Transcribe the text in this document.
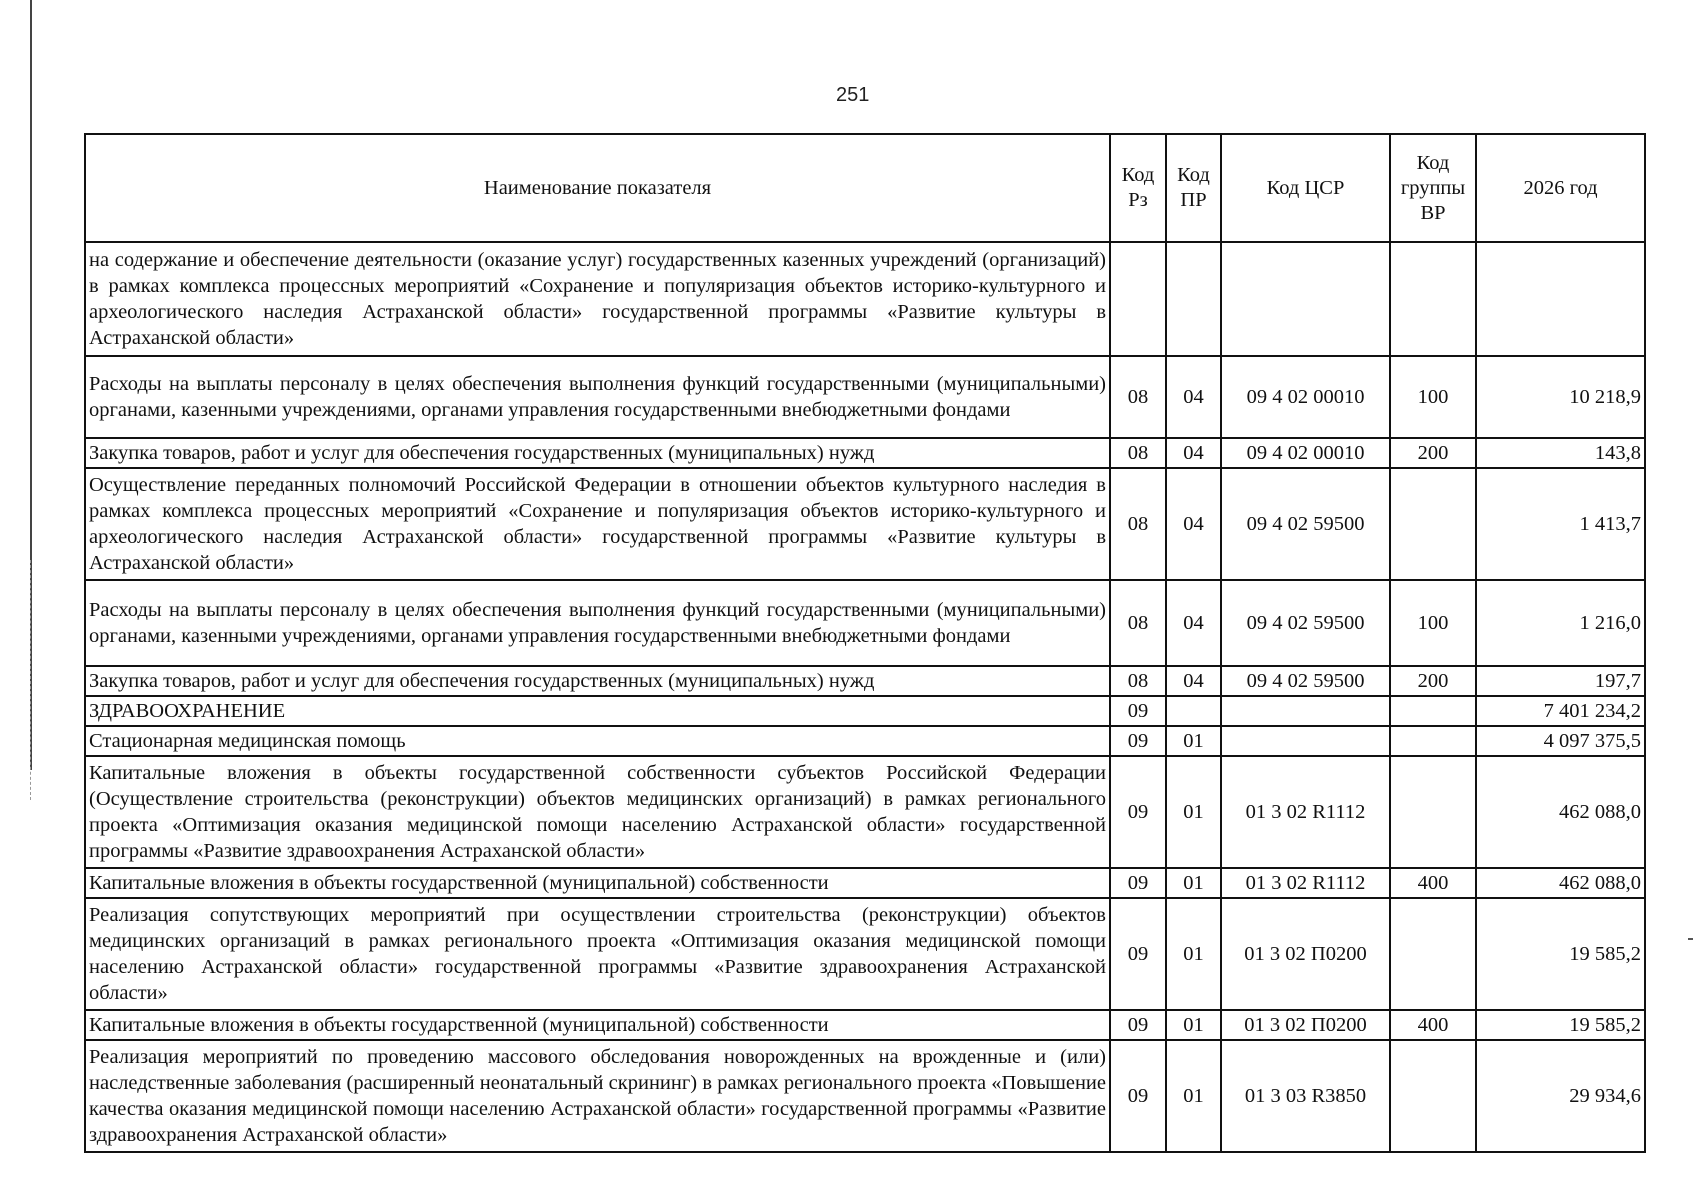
251
Наименование показателя	Код Рз	Код ПР	Код ЦСР	Код группы ВР	2026 год
на содержание и обеспечение деятельности (оказание услуг) государственных казенных учреждений (организаций) в рамках комплекса процессных мероприятий «Сохранение и популяризация объектов историко-культурного и археологического наследия Астраханской области» государственной программы «Развитие культуры в Астраханской области»					
Расходы на выплаты персоналу в целях обеспечения выполнения функций государственными (муниципальными) органами, казенными учреждениями, органами управления государственными внебюджетными фондами	08	04	09 4 02 00010	100	10 218,9
Закупка товаров, работ и услуг для обеспечения государственных (муниципальных) нужд	08	04	09 4 02 00010	200	143,8
Осуществление переданных полномочий Российской Федерации в отношении объектов культурного наследия в рамках комплекса процессных мероприятий «Сохранение и популяризация объектов историко-культурного и археологического наследия Астраханской области» государственной программы «Развитие культуры в Астраханской области»	08	04	09 4 02 59500		1 413,7
Расходы на выплаты персоналу в целях обеспечения выполнения функций государственными (муниципальными) органами, казенными учреждениями, органами управления государственными внебюджетными фондами	08	04	09 4 02 59500	100	1 216,0
Закупка товаров, работ и услуг для обеспечения государственных (муниципальных) нужд	08	04	09 4 02 59500	200	197,7
ЗДРАВООХРАНЕНИЕ	09				7 401 234,2
Стационарная медицинская помощь	09	01			4 097 375,5
Капитальные вложения в объекты государственной собственности субъектов Российской Федерации (Осуществление строительства (реконструкции) объектов медицинских организаций) в рамках регионального проекта «Оптимизация оказания медицинской помощи населению Астраханской области» государственной программы «Развитие здравоохранения Астраханской области»	09	01	01 3 02 R1112		462 088,0
Капитальные вложения в объекты государственной (муниципальной) собственности	09	01	01 3 02 R1112	400	462 088,0
Реализация сопутствующих мероприятий при осуществлении строительства (реконструкции) объектов медицинских организаций в рамках регионального проекта «Оптимизация оказания медицинской помощи населению Астраханской области» государственной программы «Развитие здравоохранения Астраханской области»	09	01	01 3 02 П0200		19 585,2
Капитальные вложения в объекты государственной (муниципальной) собственности	09	01	01 3 02 П0200	400	19 585,2
Реализация мероприятий по проведению массового обследования новорожденных на врожденные и (или) наследственные заболевания (расширенный неонатальный скрининг) в рамках регионального проекта «Повышение качества оказания медицинской помощи населению Астраханской области» государственной программы «Развитие здравоохранения Астраханской области»	09	01	01 3 03 R3850		29 934,6
